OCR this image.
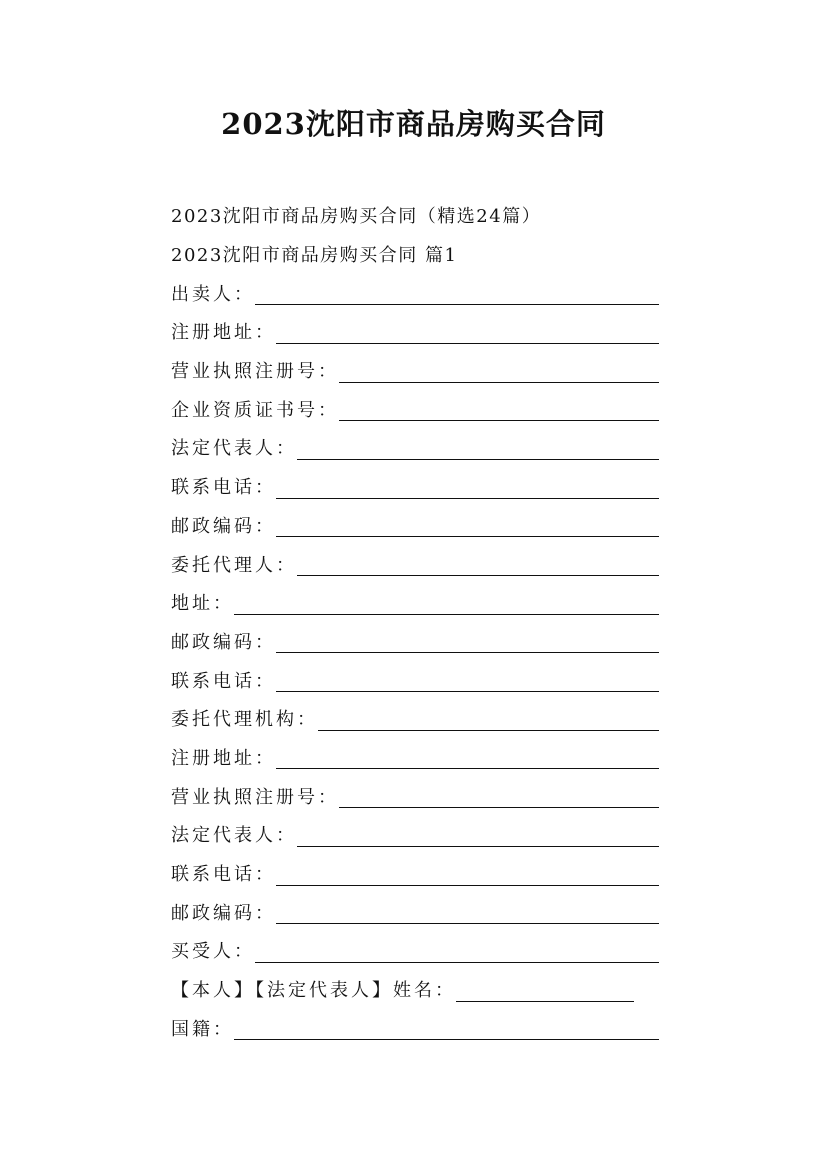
2023沈阳市商品房购买合同
2023沈阳市商品房购买合同（精选24篇）
2023沈阳市商品房购买合同 篇1
出卖人：
注册地址：
营业执照注册号：
企业资质证书号：
法定代表人：
联系电话：
邮政编码：
委托代理人：
地址：
邮政编码：
联系电话：
委托代理机构：
注册地址：
营业执照注册号：
法定代表人：
联系电话：
邮政编码：
买受人：
【本人】【法定代表人】姓名：
国籍：
